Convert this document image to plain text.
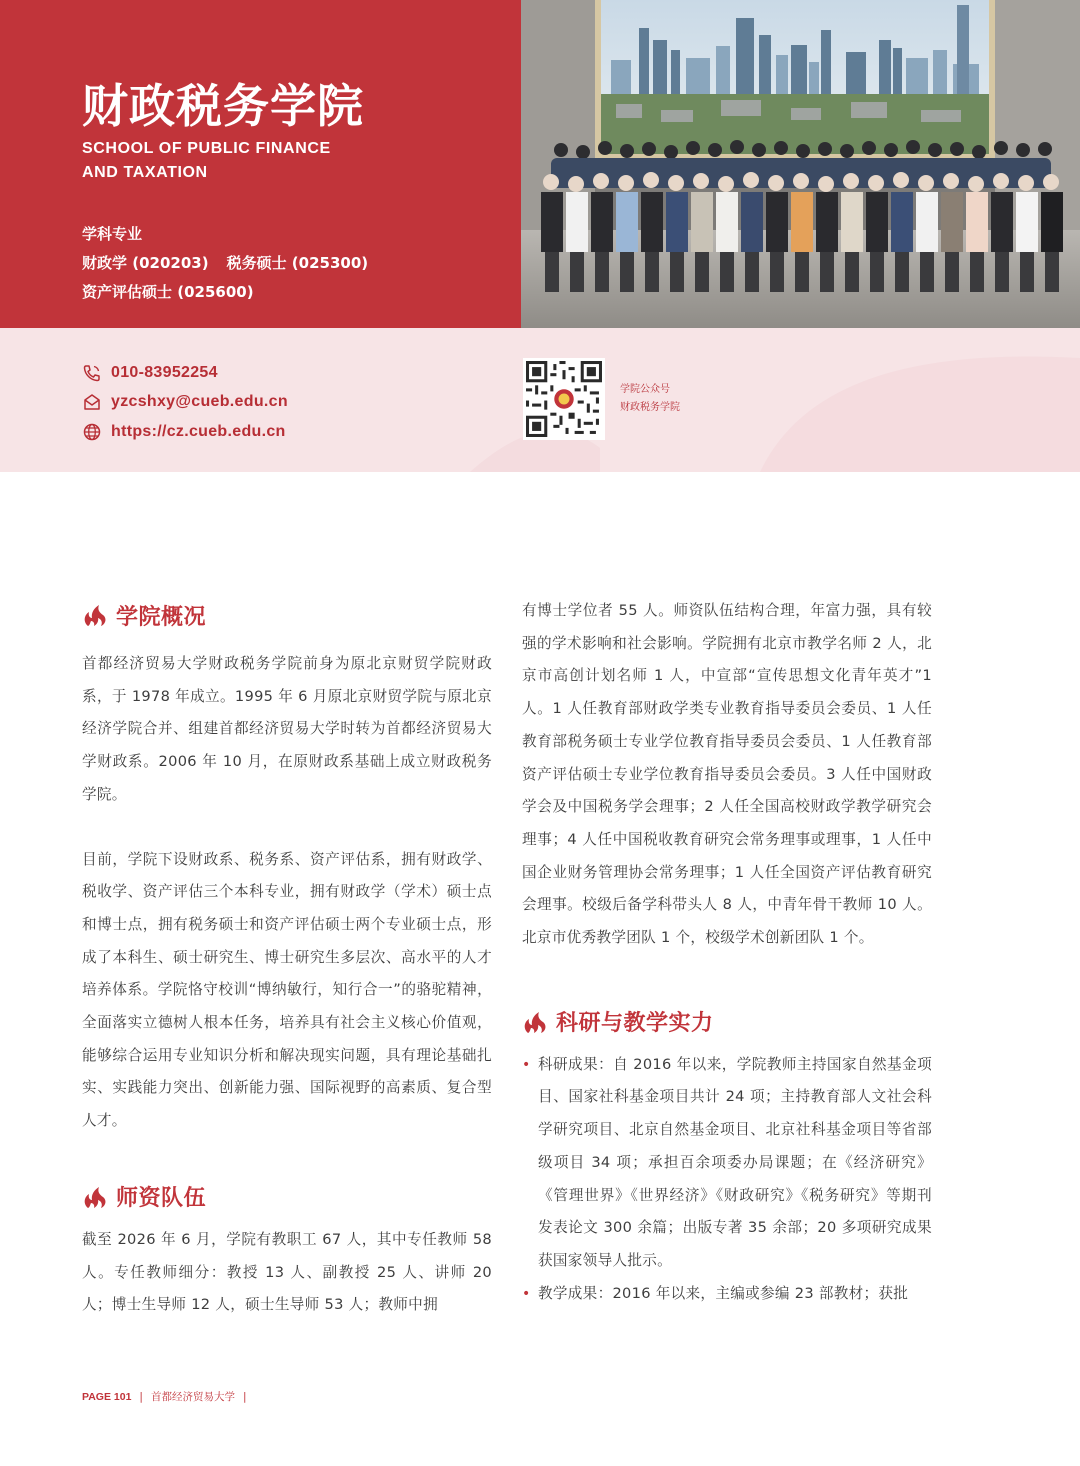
财政税务学院
SCHOOL OF PUBLIC FINANCE
AND TAXATION
学科专业
财政学 (020203) 税务硕士 (025300)
资产评估硕士 (025600)
010-83952254
yzcshxy@cueb.edu.cn
https://cz.cueb.edu.cn
学院公众号
财政税务学院
学院概况

首都经济贸易大学财政税务学院前身为原北京财贸学院财政系，于 1978 年成立。1995 年 6 月原北京财贸学院与原北京经济学院合并、组建首都经济贸易大学时转为首都经济贸易大学财政系。2006 年 10 月，在原财政系基础上成立财政税务学院。

目前，学院下设财政系、税务系、资产评估系，拥有财政学、税收学、资产评估三个本科专业，拥有财政学（学术）硕士点和博士点，拥有税务硕士和资产评估硕士两个专业硕士点，形成了本科生、硕士研究生、博士研究生多层次、高水平的人才培养体系。学院恪守校训“博纳敏行，知行合一”的骆驼精神，全面落实立德树人根本任务，培养具有社会主义核心价值观，能够综合运用专业知识分析和解决现实问题，具有理论基础扎实、实践能力突出、创新能力强、国际视野的高素质、复合型人才。

师资队伍

截至 2026 年 6 月，学院有教职工 67 人，其中专任教师 58 人。专任教师细分：教授 13 人、副教授 25 人、讲师 20 人；博士生导师 12 人，硕士生导师 53 人；教师中拥

有博士学位者 55 人。师资队伍结构合理，年富力强，具有较强的学术影响和社会影响。学院拥有北京市教学名师 2 人，北京市高创计划名师 1 人，中宣部“宣传思想文化青年英才”1 人。1 人任教育部财政学类专业教育指导委员会委员、1 人任教育部税务硕士专业学位教育指导委员会委员、1 人任教育部资产评估硕士专业学位教育指导委员会委员。3 人任中国财政学会及中国税务学会理事；2 人任全国高校财政学教学研究会理事；4 人任中国税收教育研究会常务理事或理事，1 人任中国企业财务管理协会常务理事；1 人任全国资产评估教育研究会理事。校级后备学科带头人 8 人，中青年骨干教师 10 人。北京市优秀教学团队 1 个，校级学术创新团队 1 个。

科研与教学实力
• 科研成果：自 2016 年以来，学院教师主持国家自然基金项目、国家社科基金项目共计 24 项；主持教育部人文社会科学研究项目、北京自然基金项目、北京社科基金项目等省部级项目 34 项；承担百余项委办局课题；在《经济研究》《管理世界》《世界经济》《财政研究》《税务研究》等期刊发表论文 300 余篇；出版专著 35 余部；20 多项研究成果获国家领导人批示。
• 教学成果：2016 年以来，主编或参编 23 部教材；获批
PAGE 101 | 首都经济贸易大学 |
